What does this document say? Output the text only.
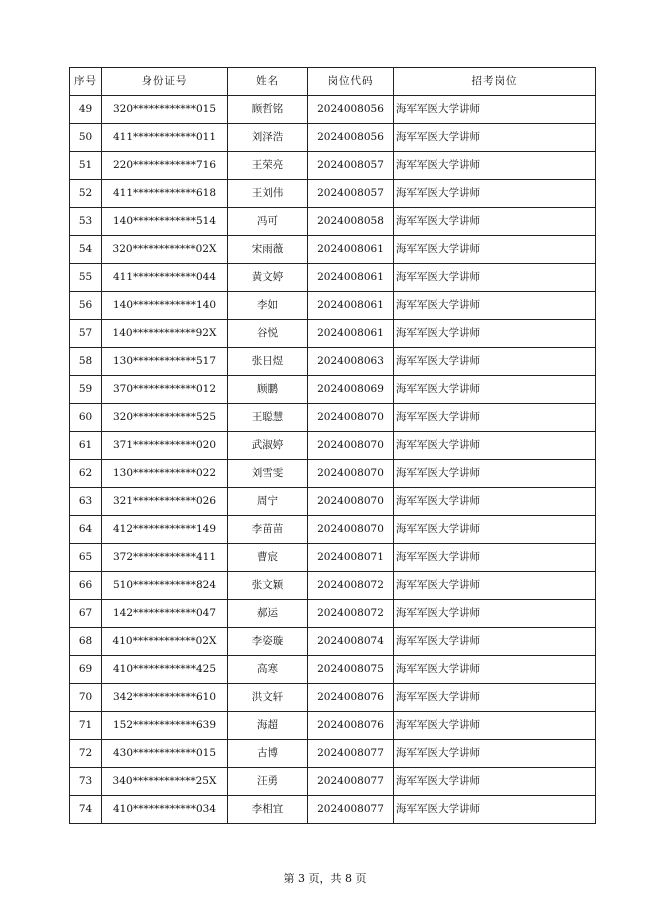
序号	身份证号	姓名	岗位代码	招考岗位
49	320************015	顾哲铭	2024008056	海军军医大学讲师
50	411************011	刘泽浩	2024008056	海军军医大学讲师
51	220************716	王荣亮	2024008057	海军军医大学讲师
52	411************618	王刘伟	2024008057	海军军医大学讲师
53	140************514	冯可	2024008058	海军军医大学讲师
54	320************02X	宋雨薇	2024008061	海军军医大学讲师
55	411************044	黄文婷	2024008061	海军军医大学讲师
56	140************140	李如	2024008061	海军军医大学讲师
57	140************92X	谷悦	2024008061	海军军医大学讲师
58	130************517	张日煜	2024008063	海军军医大学讲师
59	370************012	顾鹏	2024008069	海军军医大学讲师
60	320************525	王聪慧	2024008070	海军军医大学讲师
61	371************020	武淑婷	2024008070	海军军医大学讲师
62	130************022	刘雪雯	2024008070	海军军医大学讲师
63	321************026	周宁	2024008070	海军军医大学讲师
64	412************149	李苗苗	2024008070	海军军医大学讲师
65	372************411	曹宸	2024008071	海军军医大学讲师
66	510************824	张文颖	2024008072	海军军医大学讲师
67	142************047	郝运	2024008072	海军军医大学讲师
68	410************02X	李姿璇	2024008074	海军军医大学讲师
69	410************425	高寒	2024008075	海军军医大学讲师
70	342************610	洪文轩	2024008076	海军军医大学讲师
71	152************639	海超	2024008076	海军军医大学讲师
72	430************015	古博	2024008077	海军军医大学讲师
73	340************25X	汪勇	2024008077	海军军医大学讲师
74	410************034	李相宜	2024008077	海军军医大学讲师
第 3 页，共 8 页
